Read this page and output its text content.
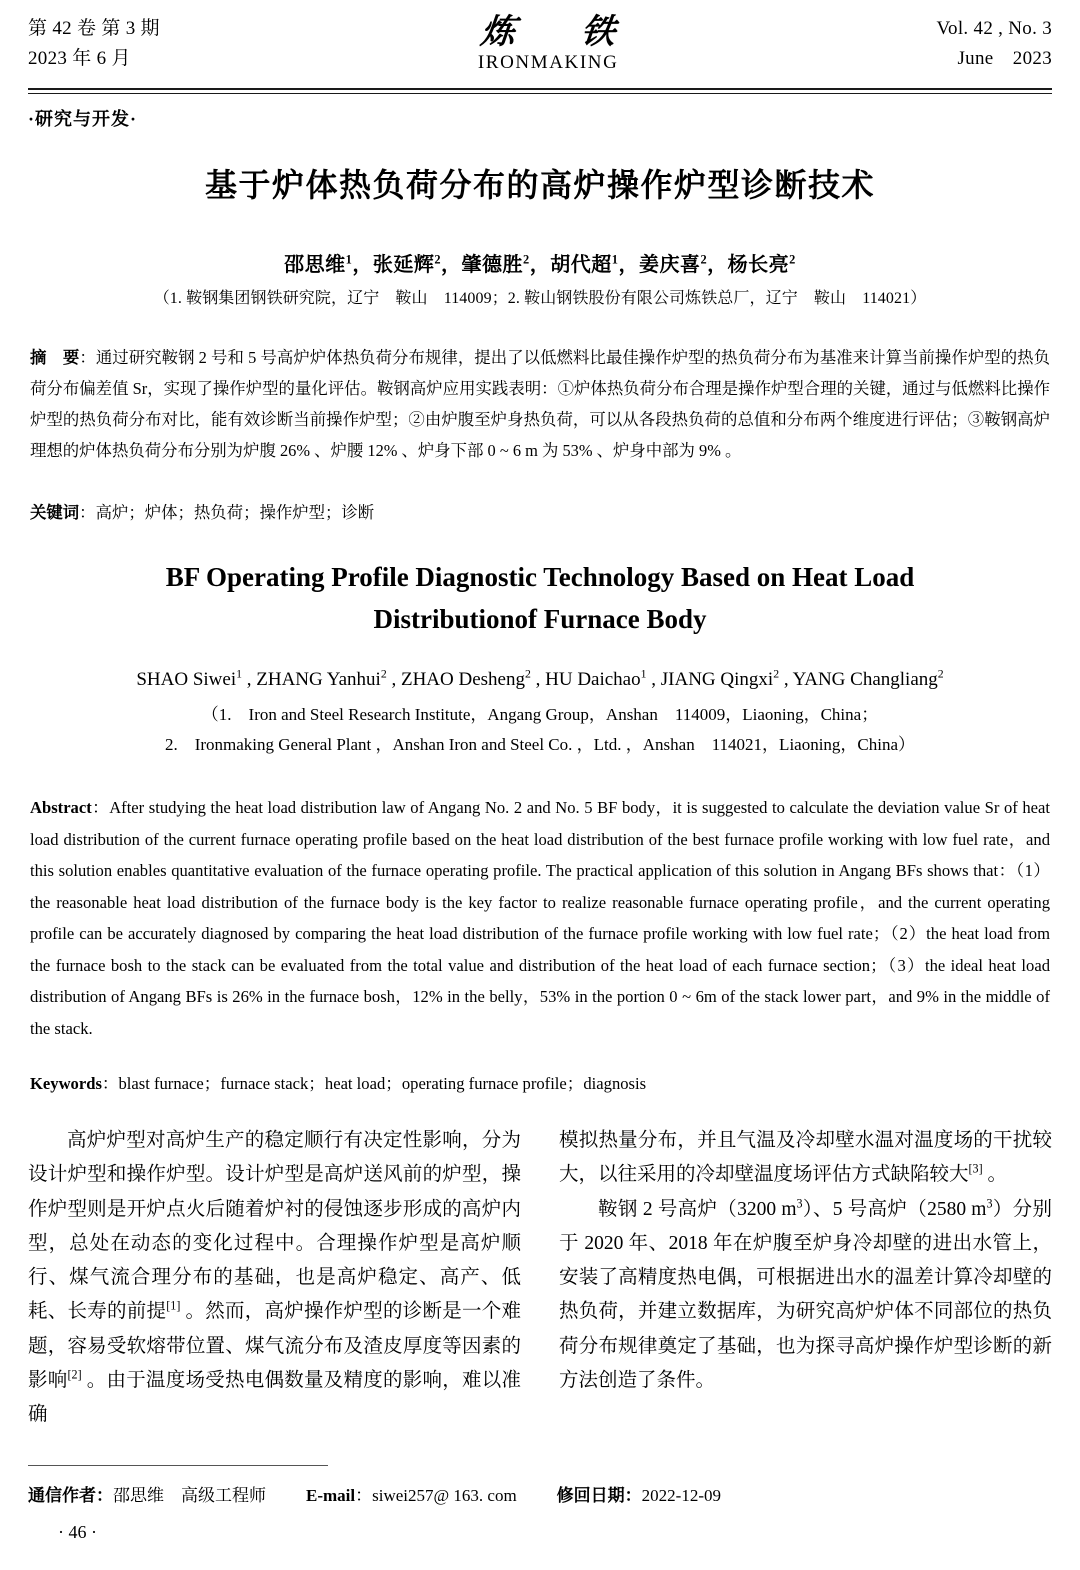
第 42 卷 第 3 期
2023 年 6 月
炼　铁
IRONMAKING
Vol. 42 , No. 3
June　2023
·研究与开发·
基于炉体热负荷分布的高炉操作炉型诊断技术
邵思维$^1$，张延辉$^2$，肇德胜$^2$，胡代超$^1$，姜庆喜$^2$，杨长亮$^2$
（1. 鞍钢集团钢铁研究院，辽宁　鞍山　114009；2. 鞍山钢铁股份有限公司炼铁总厂，辽宁　鞍山　114021）

摘　要：通过研究鞍钢 2 号和 5 号高炉炉体热负荷分布规律，提出了以低燃料比最佳操作炉型的热负荷分布为基准来计算当前操作炉型的热负荷分布偏差值 Sr，实现了操作炉型的量化评估。鞍钢高炉应用实践表明：①炉体热负荷分布合理是操作炉型合理的关键，通过与低燃料比操作炉型的热负荷分布对比，能有效诊断当前操作炉型；②由炉腹至炉身热负荷，可以从各段热负荷的总值和分布两个维度进行评估；③鞍钢高炉理想的炉体热负荷分布分别为炉腹 26% 、炉腰 12% 、炉身下部 0 ~ 6 m 为 53% 、炉身中部为 9% 。

关键词：高炉；炉体；热负荷；操作炉型；诊断
BF Operating Profile Diagnostic Technology Based on Heat Load
Distributionof Furnace Body
SHAO Siwei$^1$ , ZHANG Yanhui$^2$ , ZHAO Desheng$^2$ , HU Daichao$^1$ , JIANG Qingxi$^2$ , YANG Changliang$^2$
（1.　Iron and Steel Research Institute，Angang Group，Anshan　114009，Liaoning，China；
2.　Ironmaking General Plant ，Anshan Iron and Steel Co. ，Ltd. ，Anshan　114021，Liaoning，China）

Abstract：After studying the heat load distribution law of Angang No. 2 and No. 5 BF body，it is suggested to calculate the deviation value Sr of heat load distribution of the current furnace operating profile based on the heat load distribution of the best furnace profile working with low fuel rate，and this solution enables quantitative evaluation of the furnace operating profile. The practical application of this solution in Angang BFs shows that：（1）the reasonable heat load distribution of the furnace body is the key factor to realize reasonable furnace operating profile，and the current operating profile can be accurately diagnosed by comparing the heat load distribution of the furnace profile working with low fuel rate；（2）the heat load from the furnace bosh to the stack can be evaluated from the total value and distribution of the heat load of each furnace section；（3）the ideal heat load distribution of Angang BFs is 26% in the furnace bosh，12% in the belly，53% in the portion 0 ~ 6m of the stack lower part，and 9% in the middle of the stack.

Keywords：blast furnace；furnace stack；heat load；operating furnace profile；diagnosis

高炉炉型对高炉生产的稳定顺行有决定性影响，分为设计炉型和操作炉型。设计炉型是高炉送风前的炉型，操作炉型则是开炉点火后随着炉衬的侵蚀逐步形成的高炉内型，总处在动态的变化过程中。合理操作炉型是高炉顺行、煤气流合理分布的基础，也是高炉稳定、高产、低耗、长寿的前提[1] 。然而，高炉操作炉型的诊断是一个难题，容易受软熔带位置、煤气流分布及渣皮厚度等因素的影响[2] 。由于温度场受热电偶数量及精度的影响，难以准确

模拟热量分布，并且气温及冷却壁水温对温度场的干扰较大，以往采用的冷却壁温度场评估方式缺陷较大[3] 。

鞍钢 2 号高炉（3200 $m^3$）、5 号高炉（2580 $m^3$）分别于 2020 年、2018 年在炉腹至炉身冷却壁的进出水管上，安装了高精度热电偶，可根据进出水的温差计算冷却壁的热负荷，并建立数据库，为研究高炉炉体不同部位的热负荷分布规律奠定了基础，也为探寻高炉操作炉型诊断的新方法创造了条件。

通信作者：邵思维　高级工程师 E-mail：siwei257@ 163. com 修回日期：2022-12-09
· 46 ·
